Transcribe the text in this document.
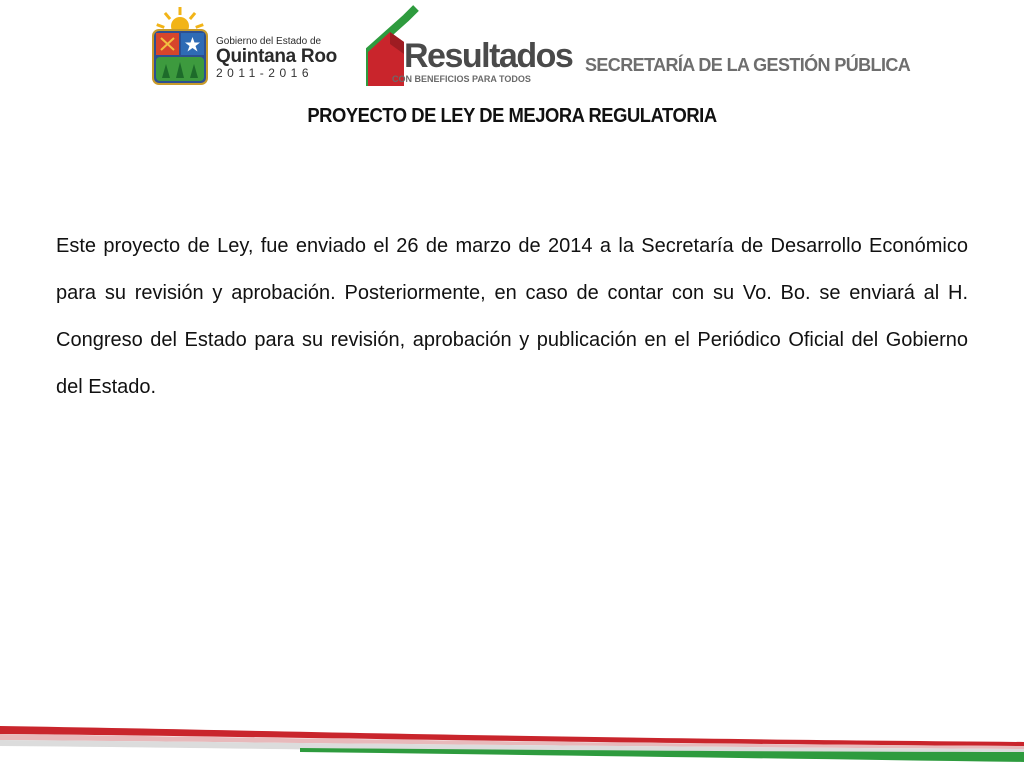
Gobierno del Estado de
Quintana Roo
2011-2016	Resultados
CON BENEFICIOS PARA TODOS
SECRETARÍA DE LA GESTIÓN PÚBLICA
PROYECTO DE LEY DE MEJORA REGULATORIA
Este proyecto de Ley, fue enviado el 26 de marzo de 2014 a la Secretaría de Desarrollo Económico para su revisión y aprobación. Posteriormente, en caso de contar con su Vo. Bo. se enviará al H. Congreso del Estado para su revisión, aprobación y publicación en el Periódico Oficial del Gobierno del Estado.
